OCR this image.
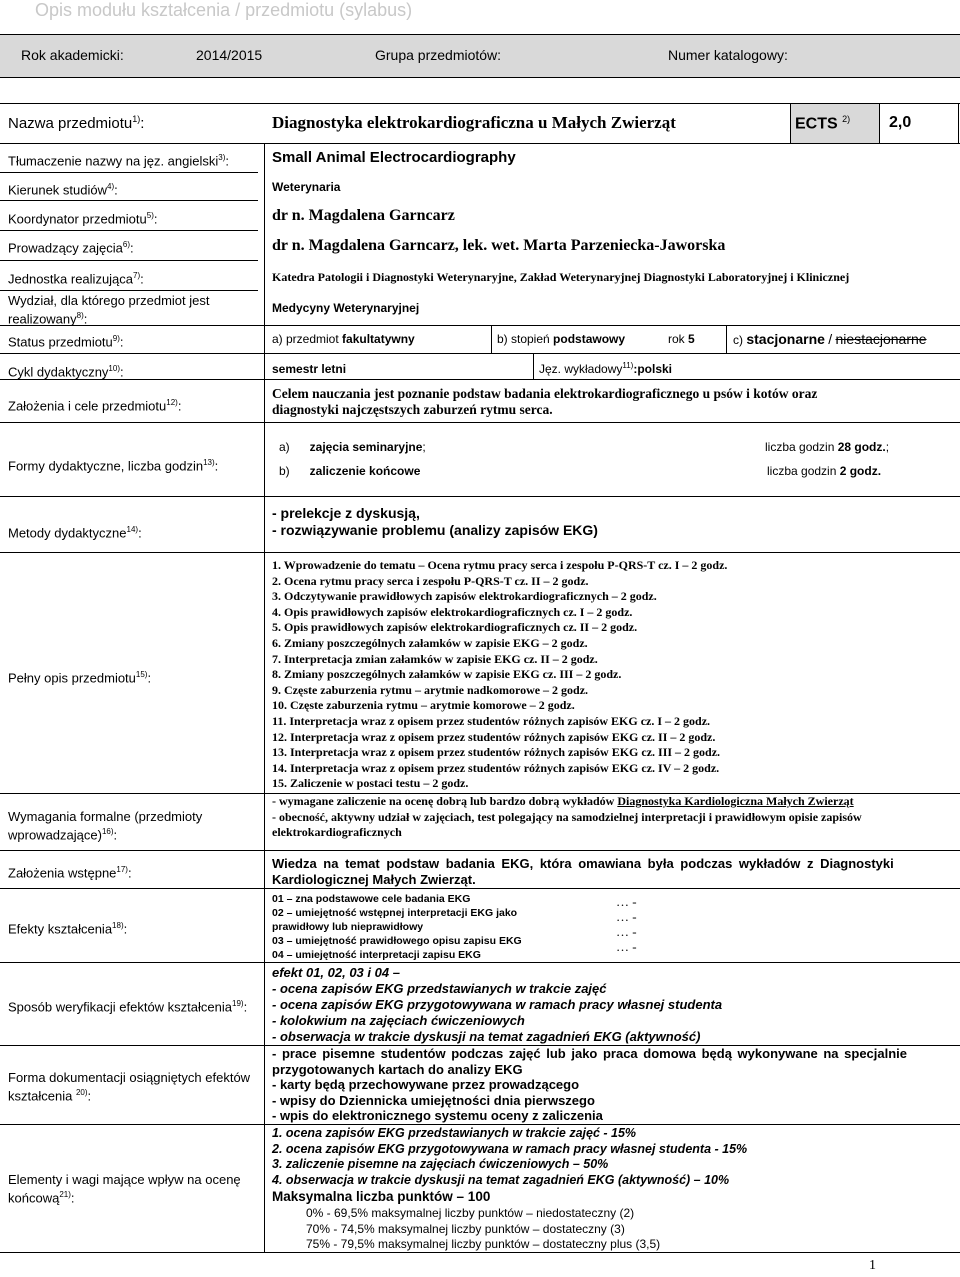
Opis modułu kształcenia / przedmiotu (sylabus)
Rok akademicki:	2014/2015	Grupa przedmiotów:	Numer katalogowy:
Nazwa przedmiotu$^{1)}$:	Diagnostyka elektrokardiograficzna u Małych Zwierząt	ECTS $^{2)}$ 2,0
Tłumaczenie nazwy na jęz. angielski$^{3)}$:	Small Animal Electrocardiography
Kierunek studiów$^{4)}$:	Weterynaria
Koordynator przedmiotu$^{5)}$:	dr n. Magdalena Garncarz
Prowadzący zajęcia$^{6)}$:	dr n. Magdalena Garncarz, lek. wet. Marta Parzeniecka-Jaworska
Jednostka realizująca$^{7)}$:	Katedra Patologii i Diagnostyki Weterynaryjne, Zakład Weterynaryjnej Diagnostyki Laboratoryjnej i Klinicznej
Wydział, dla którego przedmiot jest
realizowany$^{8)}$:
Medycyny Weterynaryjnej
Status przedmiotu$^{9)}$:	a) przedmiot fakultatywny	b) stopień podstawowy	rok 5	c) stacjonarne / niestacjonarne
Cykl dydaktyczny$^{10)}$:	semestr letni	Jęz. wykładowy$^{11)}$:polski
Założenia i cele przedmiotu$^{12)}$:
Celem nauczania jest poznanie podstaw badania elektrokardiograficznego u psów i kotów oraz
diagnostyki najczęstszych zaburzeń rytmu serca.
Formy dydaktyczne, liczba godzin$^{13)}$:
a) zajęcia seminaryjne;	liczba godzin 28 godz.;
b) zaliczenie końcowe	liczba godzin 2 godz.
Metody dydaktyczne$^{14)}$:
- prelekcje z dyskusją,
- rozwiązywanie problemu (analizy zapisów EKG)
Pełny opis przedmiotu$^{15)}$:
1. Wprowadzenie do tematu – Ocena rytmu pracy serca i zespołu P-QRS-T cz. I – 2 godz.
2. Ocena rytmu pracy serca i zespołu P-QRS-T cz. II – 2 godz.
3. Odczytywanie prawidłowych zapisów elektrokardiograficznych – 2 godz.
4. Opis prawidłowych zapisów elektrokardiograficznych cz. I – 2 godz.
5. Opis prawidłowych zapisów elektrokardiograficznych cz. II – 2 godz.
6. Zmiany poszczególnych załamków w zapisie EKG – 2 godz.
7. Interpretacja zmian załamków w zapisie EKG cz. II – 2 godz.
8. Zmiany poszczególnych załamków w zapisie EKG cz. III – 2 godz.
9. Częste zaburzenia rytmu – arytmie nadkomorowe – 2 godz.
10. Częste zaburzenia rytmu – arytmie komorowe – 2 godz.
11. Interpretacja wraz z opisem przez studentów różnych zapisów EKG cz. I – 2 godz.
12. Interpretacja wraz z opisem przez studentów różnych zapisów EKG cz. II – 2 godz.
13. Interpretacja wraz z opisem przez studentów różnych zapisów EKG cz. III – 2 godz.
14. Interpretacja wraz z opisem przez studentów różnych zapisów EKG cz. IV – 2 godz.
15. Zaliczenie w postaci testu – 2 godz.
Wymagania formalne (przedmioty
wprowadzające)$^{16)}$:
- wymagane zaliczenie na ocenę dobrą lub bardzo dobrą wykładów Diagnostyka Kardiologiczna Małych Zwierząt
- obecność, aktywny udział w zajęciach, test polegający na samodzielnej interpretacji i prawidłowym opisie zapisów
elektrokardiograficznych
Założenia wstępne$^{17)}$:
Wiedza na temat podstaw badania EKG, która omawiana była podczas wykładów z Diagnostyki
Kardiologicznej Małych Zwierząt.
Efekty kształcenia$^{18)}$:
01 – zna podstawowe cele badania EKG
02 – umiejętność wstępnej interpretacji EKG jako
prawidłowy lub nieprawidłowy
03 – umiejętność prawidłowego opisu zapisu EKG
04 – umiejętność interpretacji zapisu EKG
… -
… -
… -
… -
Sposób weryfikacji efektów kształcenia$^{19)}$:
efekt 01, 02, 03 i 04 –
- ocena zapisów EKG przedstawianych w trakcie zajęć
- ocena zapisów EKG przygotowywana w ramach pracy własnej studenta
- kolokwium na zajęciach ćwiczeniowych
- obserwacja w trakcie dyskusji na temat zagadnień EKG (aktywność)
Forma dokumentacji osiągniętych efektów
kształcenia $^{20)}$:
- prace pisemne studentów podczas zajęć lub jako praca domowa będą wykonywane na specjalnie
przygotowanych kartach do analizy EKG
- karty będą przechowywane przez prowadzącego
- wpisy do Dziennicka umiejętności dnia pierwszego
- wpis do elektronicznego systemu oceny z zaliczenia
Elementy i wagi mające wpływ na ocenę
końcową$^{21)}$:
1. ocena zapisów EKG przedstawianych w trakcie zajęć - 15%
2. ocena zapisów EKG przygotowywana w ramach pracy własnej studenta - 15%
3. zaliczenie pisemne na zajęciach ćwiczeniowych – 50%
4. obserwacja w trakcie dyskusji na temat zagadnień EKG (aktywność) – 10%
Maksymalna liczba punktów – 100
0% - 69,5% maksymalnej liczby punktów – niedostateczny (2)
70% - 74,5% maksymalnej liczby punktów – dostateczny (3)
75% - 79,5% maksymalnej liczby punktów – dostateczny plus (3,5)
1
